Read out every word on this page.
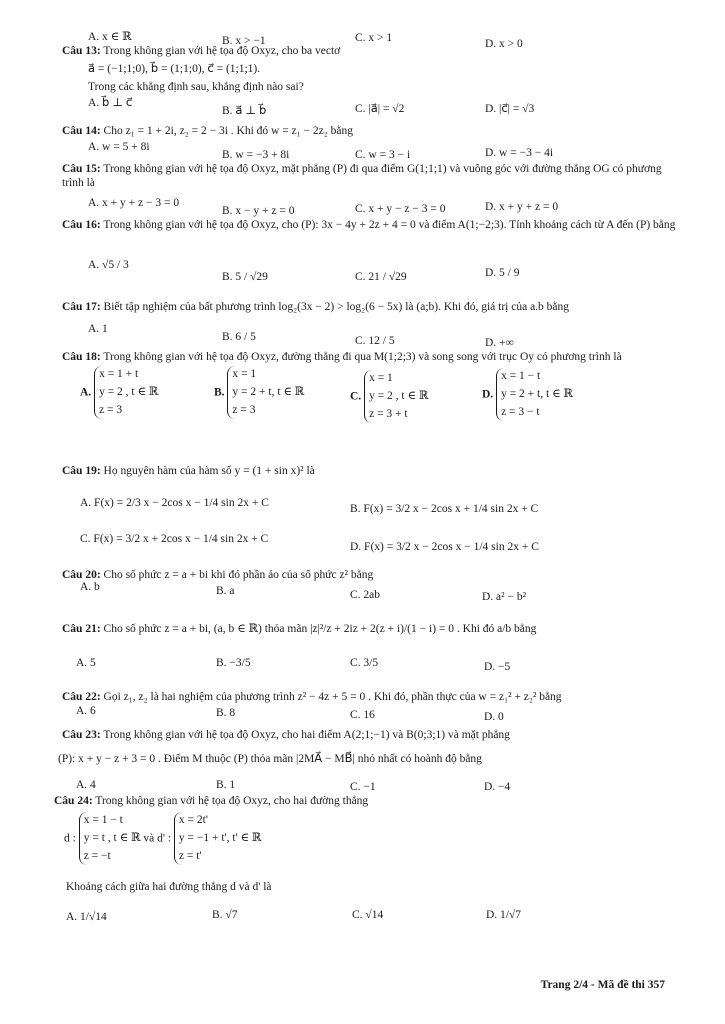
A. x ∈ ℝ	B. x > −1	C. x > 1	D. x > 0
Câu 13: Trong không gian với hệ tọa độ Oxyz, cho ba vectơ
a⃗ = (−1;1;0), b⃗ = (1;1;0), c⃗ = (1;1;1).
Trong các khẳng định sau, khẳng định nào sai?
A. b⃗ ⊥ c⃗
B. a⃗ ⊥ b⃗	C. |a⃗| = √2	D. |c⃗| = √3
Câu 14: Cho z₁ = 1 + 2i, z₂ = 2 − 3i . Khi đó w = z₁ − 2z₂ bằng
A. w = 5 + 8i
B. w = −3 + 8i	C. w = 3 − i	D. w = −3 − 4i
Câu 15: Trong không gian với hệ tọa độ Oxyz, mặt phẳng (P) đi qua điểm G(1;1;1) và vuông góc với đường thẳng OG có phương trình là
A. x + y + z − 3 = 0
B. x − y + z = 0	C. x + y − z − 3 = 0	D. x + y + z = 0
Câu 16: Trong không gian với hệ tọa độ Oxyz, cho (P): 3x − 4y + 2z + 4 = 0 và điểm A(1;−2;3). Tính khoảng cách từ A đến (P) bằng
A. √5 / 3
B. 5 / √29	C. 21 / √29	D. 5 / 9
Câu 17: Biết tập nghiệm của bất phương trình log₂(3x − 2) > log₂(6 − 5x) là (a;b). Khi đó, giá trị của a.b bằng
A. 1
B. 6 / 5	C. 12 / 5	D. +∞
Câu 18: Trong không gian với hệ tọa độ Oxyz, đường thẳng đi qua M(1;2;3) và song song với trục Oy có phương trình là
A. x = 1 + t
y = 2 , t ∈ ℝ
z = 3
B. x = 1
y = 2 + t, t ∈ ℝ
z = 3
C. x = 1
y = 2 , t ∈ ℝ
z = 3 + t
D. x = 1 − t
y = 2 + t, t ∈ ℝ
z = 3 − t
Câu 19: Họ nguyên hàm của hàm số y = (1 + sin x)² là
A. F(x) = 2/3 x − 2cos x − 1/4 sin 2x + C	B. F(x) = 3/2 x − 2cos x + 1/4 sin 2x + C
C. F(x) = 3/2 x + 2cos x − 1/4 sin 2x + C
D. F(x) = 3/2 x − 2cos x − 1/4 sin 2x + C
Câu 20: Cho số phức z = a + bi khi đó phần ảo của số phức z² bằng
A. b	B. a	C. 2ab	D. a² − b²
Câu 21: Cho số phức z = a + bi, (a, b ∈ ℝ) thỏa mãn |z|²/z + 2iz + 2(z + i)/(1 − i) = 0 . Khi đó a/b bằng
A. 5	B. −3/5	C. 3/5	D. −5
Câu 22: Gọi z₁, z₂ là hai nghiệm của phương trình z² − 4z + 5 = 0 . Khi đó, phần thực của w = z₁² + z₂² bằng
A. 6	B. 8	C. 16	D. 0
Câu 23: Trong không gian với hệ tọa độ Oxyz, cho hai điểm A(2;1;−1) và B(0;3;1) và mặt phẳng
(P): x + y − z + 3 = 0 . Điểm M thuộc (P) thỏa mãn |2MA⃗ − MB⃗| nhỏ nhất có hoành độ bằng
A. 4	B. 1	C. −1	D. −4
Câu 24: Trong không gian với hệ tọa độ Oxyz, cho hai đường thẳng
d : x = 1 − t
y = t , t ∈ ℝ
z = −t và d' : x = 2t'
y = −1 + t', t' ∈ ℝ
z = t'
Khoảng cách giữa hai đường thẳng d và d' là
A. 1/√14	B. √7	C. √14	D. 1/√7
Trang 2/4 - Mã đề thi 357
